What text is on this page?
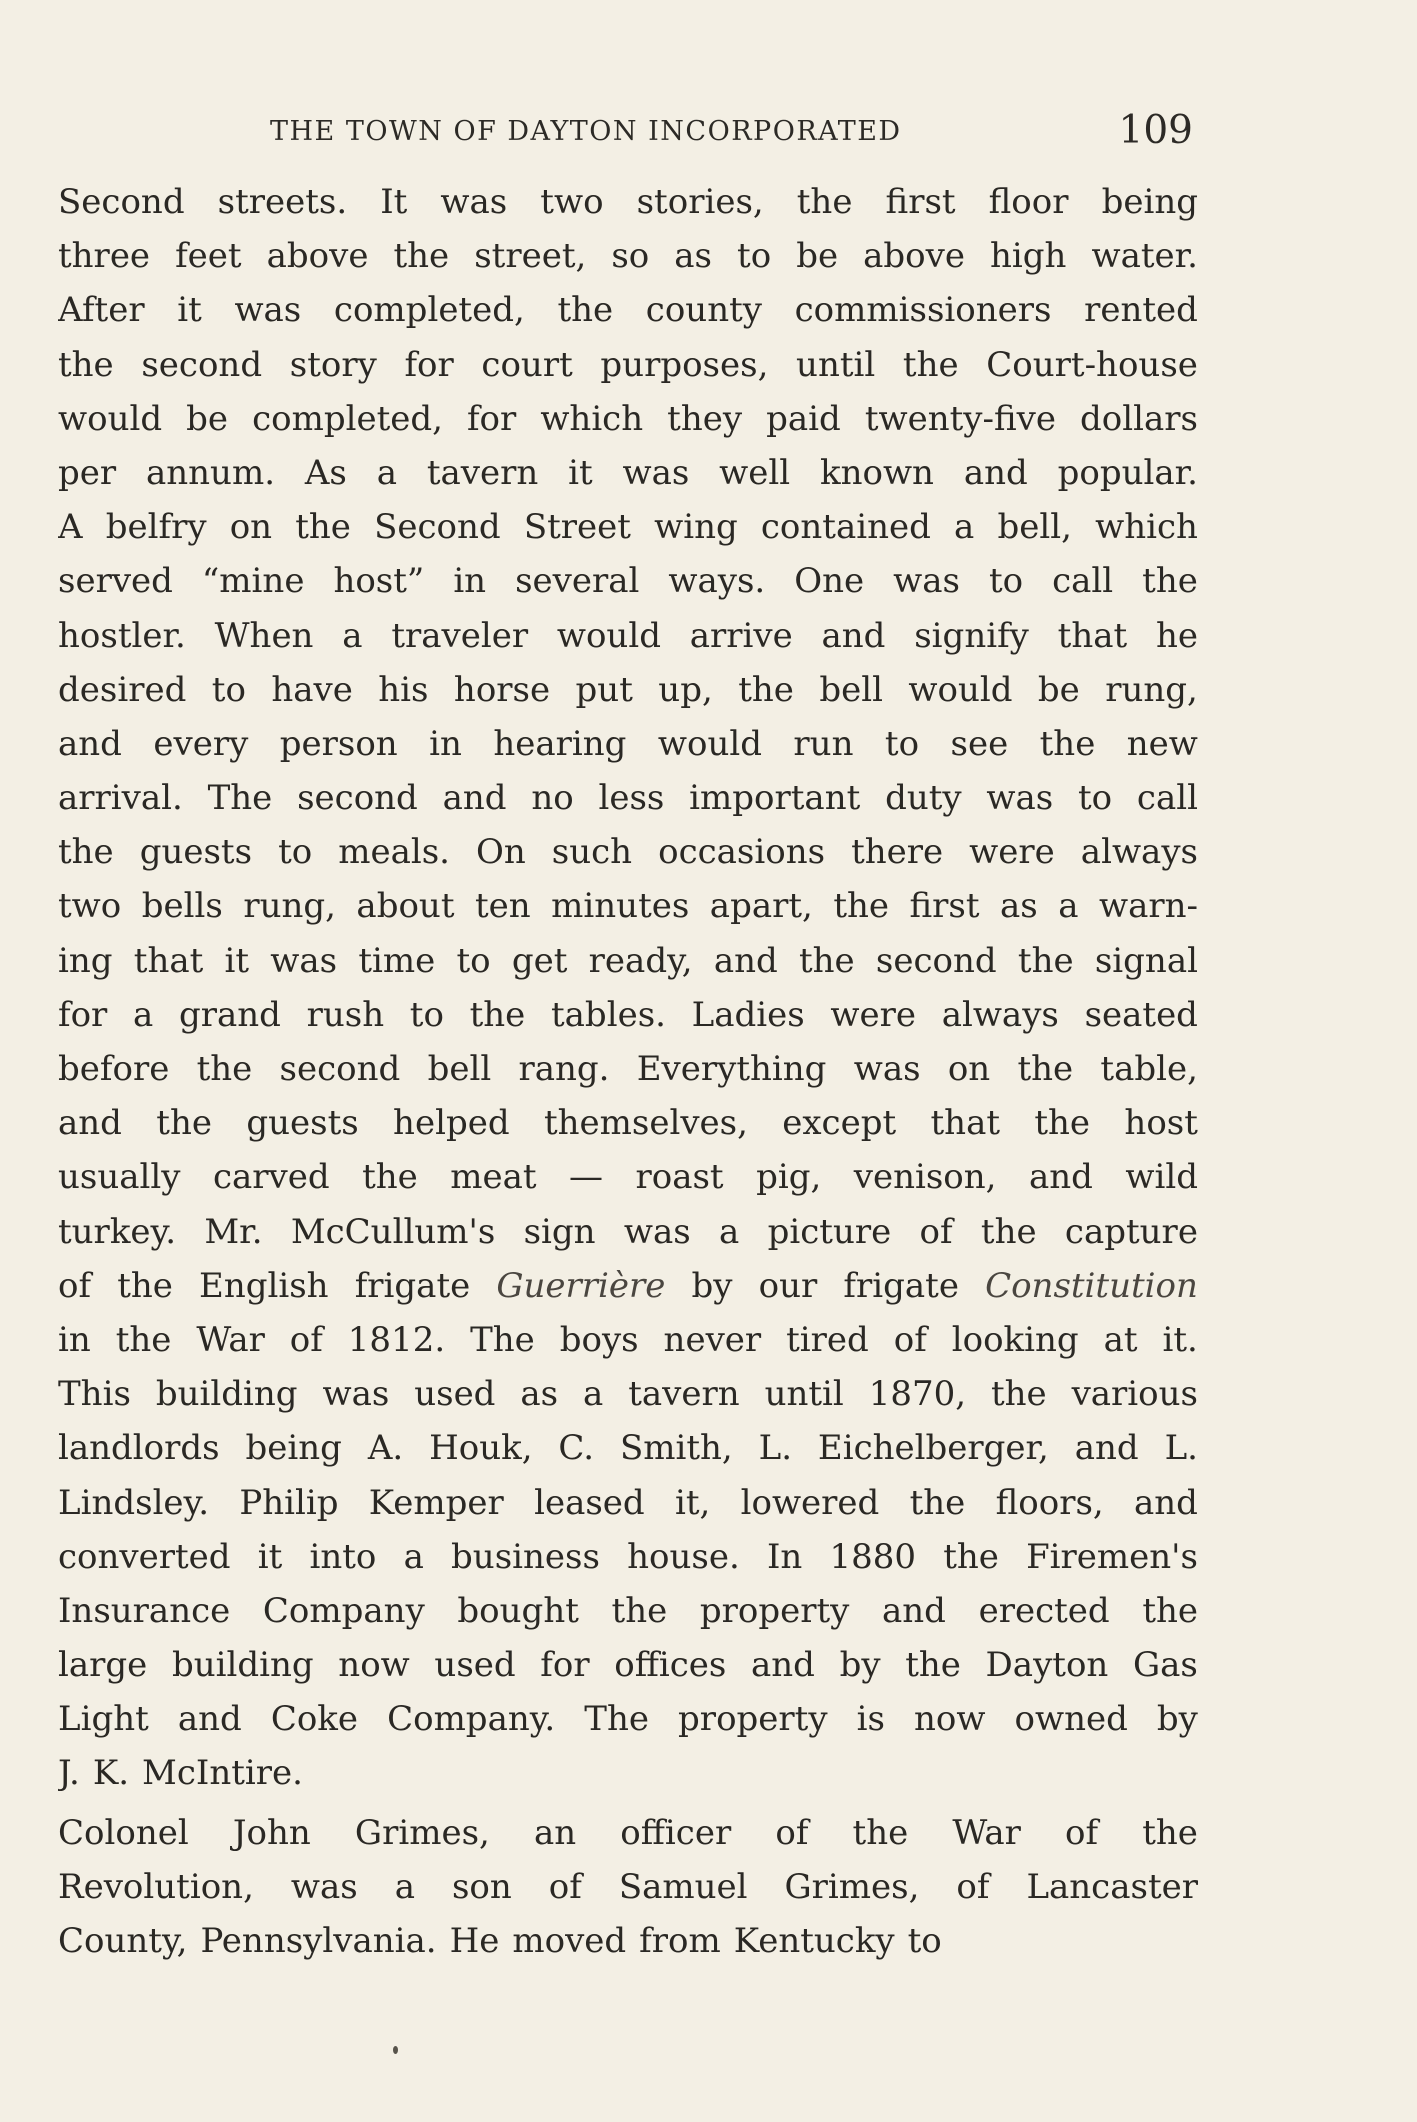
THE TOWN OF DAYTON INCORPORATED	109
Second streets. It was two stories, the first floor being
three feet above the street, so as to be above high water.
After it was completed, the county commissioners rented
the second story for court purposes, until the Court-house
would be completed, for which they paid twenty-five dollars
per annum. As a tavern it was well known and popular.
A belfry on the Second Street wing contained a bell, which
served “mine host” in several ways. One was to call the
hostler. When a traveler would arrive and signify that he
desired to have his horse put up, the bell would be rung,
and every person in hearing would run to see the new
arrival. The second and no less important duty was to call
the guests to meals. On such occasions there were always
two bells rung, about ten minutes apart, the first as a warn-
ing that it was time to get ready, and the second the signal
for a grand rush to the tables. Ladies were always seated
before the second bell rang. Everything was on the table,
and the guests helped themselves, except that the host
usually carved the meat — roast pig, venison, and wild
turkey. Mr. McCullum's sign was a picture of the capture
of the English frigate Guerrière by our frigate Constitution
in the War of 1812. The boys never tired of looking at it.
This building was used as a tavern until 1870, the various
landlords being A. Houk, C. Smith, L. Eichelberger, and L.
Lindsley. Philip Kemper leased it, lowered the floors, and
converted it into a business house. In 1880 the Firemen's
Insurance Company bought the property and erected the
large building now used for offices and by the Dayton Gas
Light and Coke Company. The property is now owned by
J. K. McIntire.
Colonel John Grimes, an officer of the War of the
Revolution, was a son of Samuel Grimes, of Lancaster
County, Pennsylvania. He moved from Kentucky to
